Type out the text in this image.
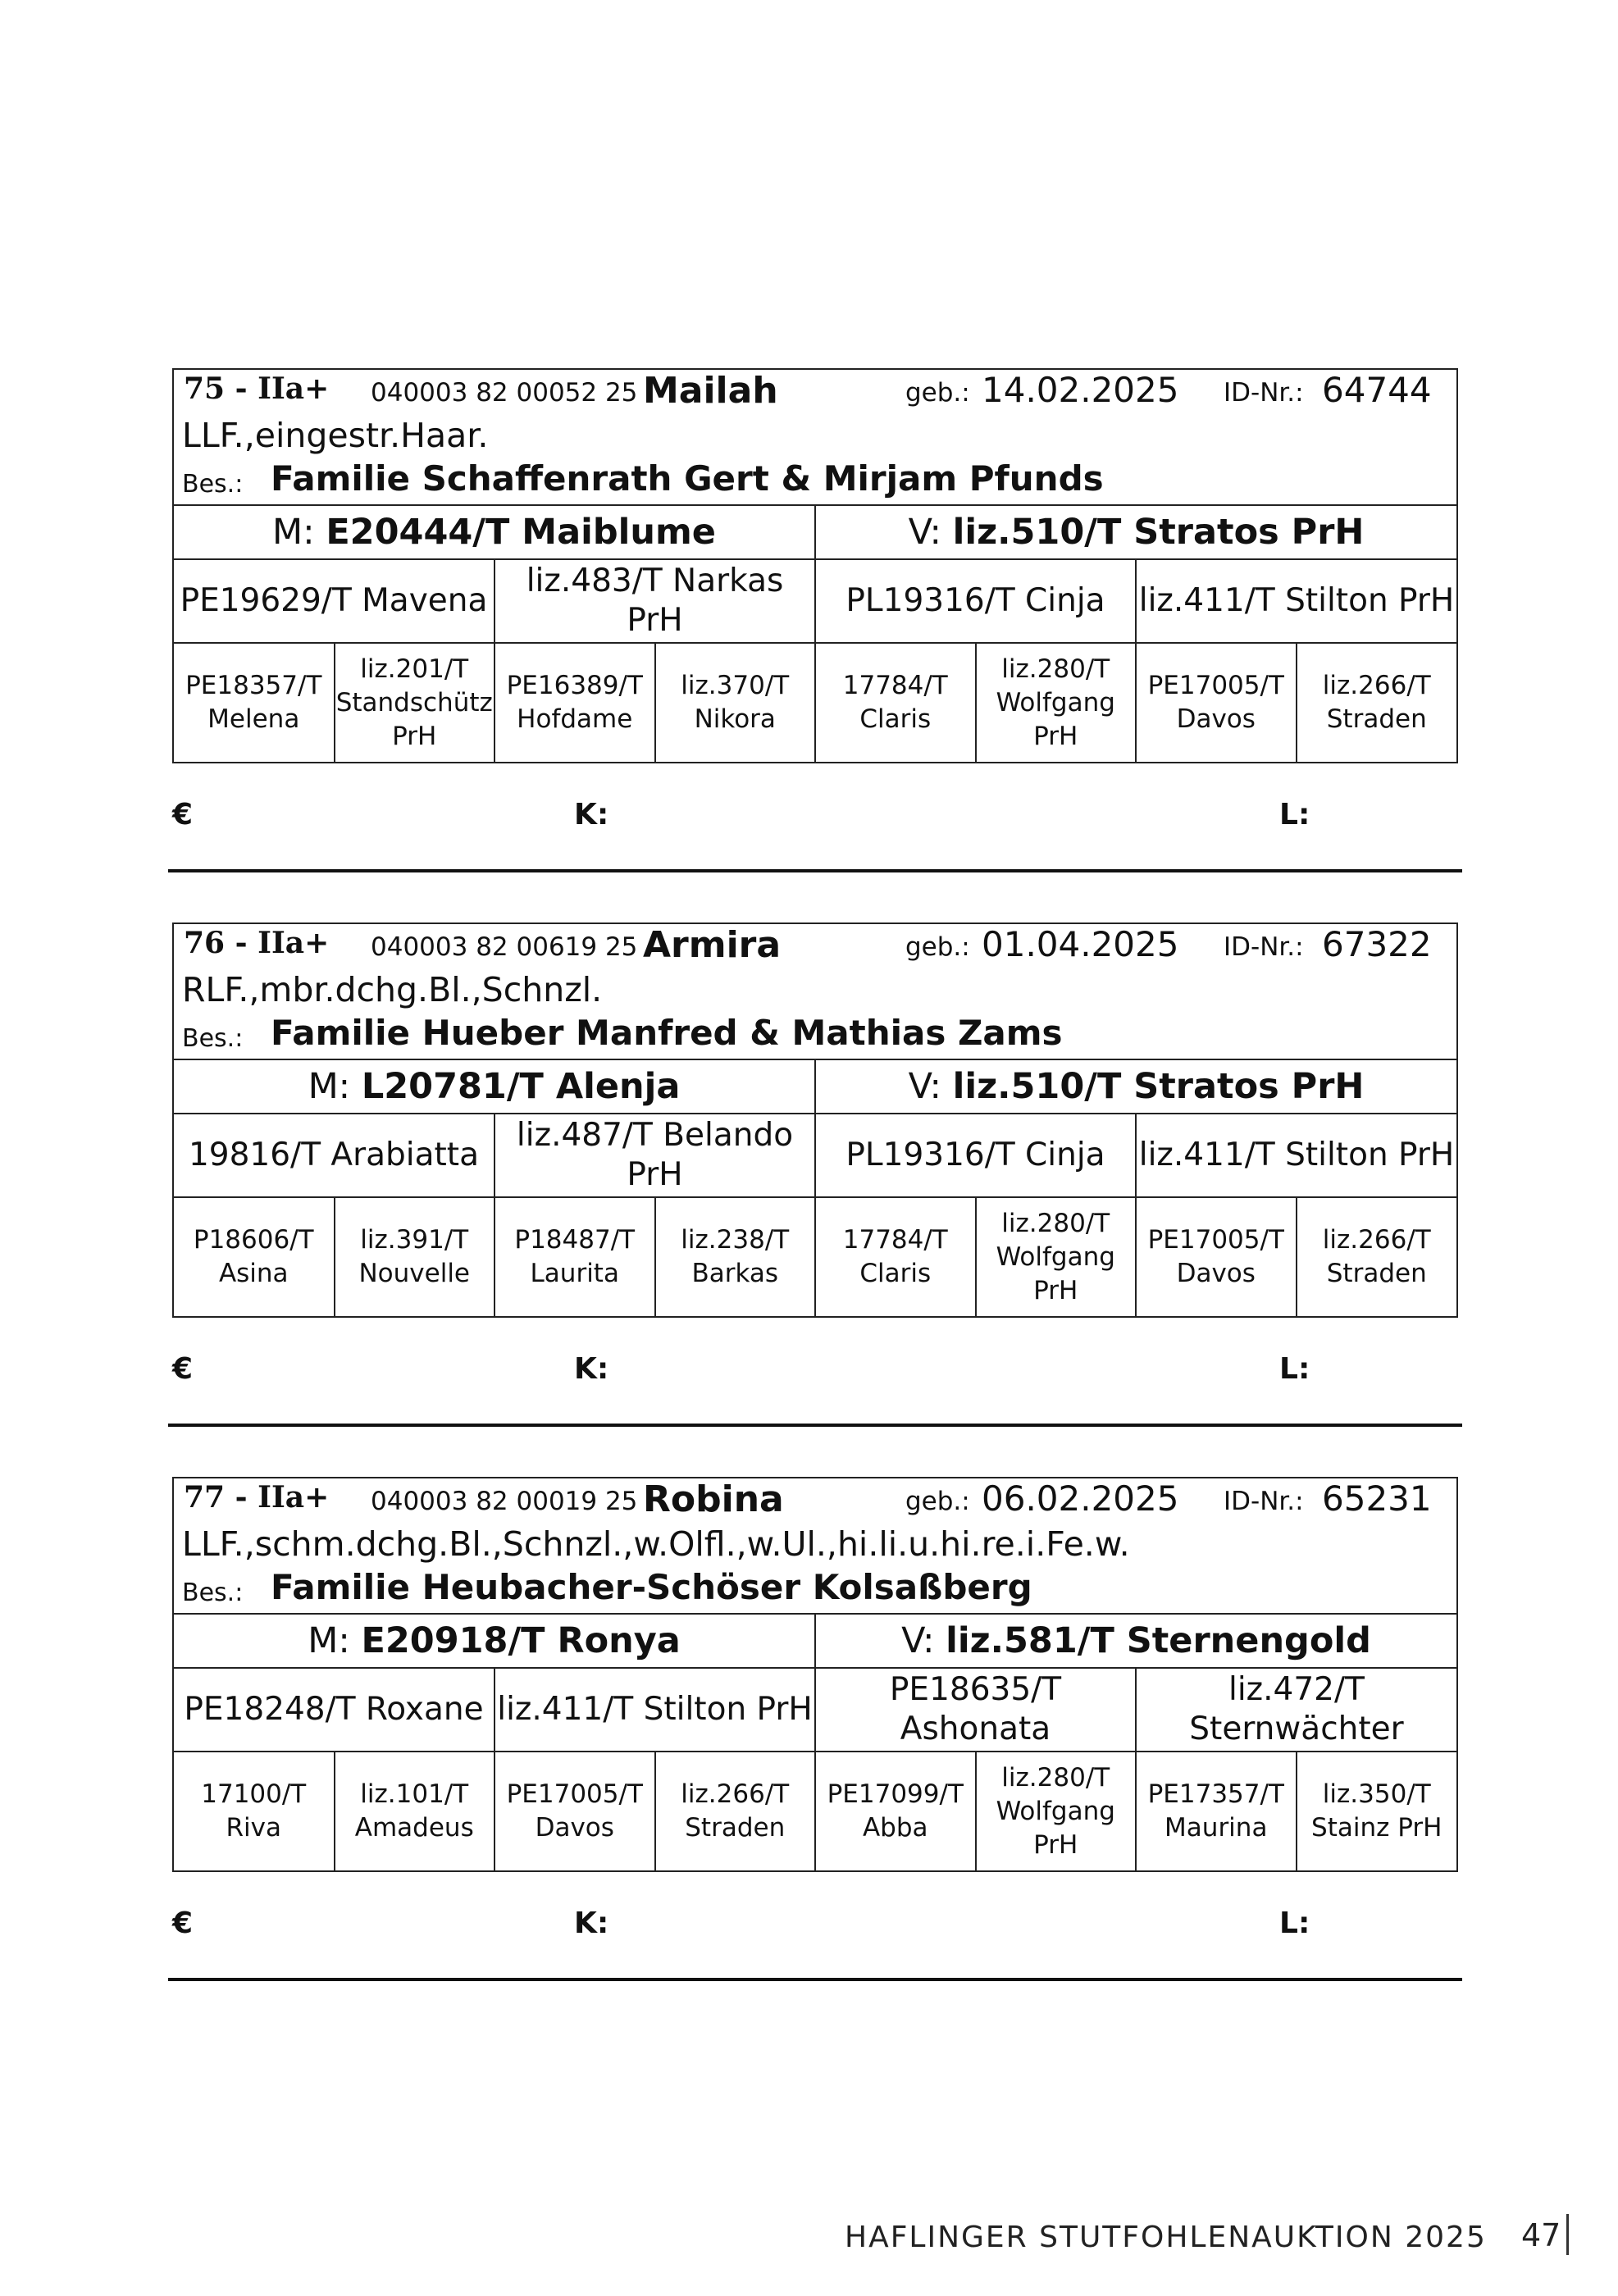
75 - IIa+ 040003 82 00052 25 Mailah	geb.: 14.02.2025 ID-Nr.: 64744
LLF.,eingestr.Haar.
Bes.: Familie Schaffenrath Gert & Mirjam Pfunds
M: E20444/T Maiblume				V: liz.510/T Stratos PrH			
PE19629/T Mavena		liz.483/T Narkas PrH		PL19316/T Cinja		liz.411/T Stilton PrH	
PE18357/T Melena	liz.201/T Standschütz PrH	PE16389/T Hofdame	liz.370/T Nikora	17784/T Claris	liz.280/T Wolfgang PrH	PE17005/T Davos	liz.266/T Straden
€	K:	L:
76 - IIa+ 040003 82 00619 25 Armira	geb.: 01.04.2025 ID-Nr.: 67322
RLF.,mbr.dchg.Bl.,Schnzl.
Bes.: Familie Hueber Manfred & Mathias Zams
M: L20781/T Alenja				V: liz.510/T Stratos PrH			
19816/T Arabiatta		liz.487/T Belando PrH		PL19316/T Cinja		liz.411/T Stilton PrH	
P18606/T Asina	liz.391/T Nouvelle	P18487/T Laurita	liz.238/T Barkas	17784/T Claris	liz.280/T Wolfgang PrH	PE17005/T Davos	liz.266/T Straden
€	K:	L:
77 - IIa+ 040003 82 00019 25 Robina	geb.: 06.02.2025 ID-Nr.: 65231
LLF.,schm.dchg.Bl.,Schnzl.,w.Olfl.,w.Ul.,hi.li.u.hi.re.i.Fe.w.
Bes.: Familie Heubacher-Schöser Kolsaßberg
M: E20918/T Ronya				V: liz.581/T Sternengold			
PE18248/T Roxane		liz.411/T Stilton PrH		PE18635/T Ashonata		liz.472/T Sternwächter	
17100/T Riva	liz.101/T Amadeus	PE17005/T Davos	liz.266/T Straden	PE17099/T Abba	liz.280/T Wolfgang PrH	PE17357/T Maurina	liz.350/T Stainz PrH
€	K:	L:
HAFLINGER STUTFOHLENAUKTION 2025 47
